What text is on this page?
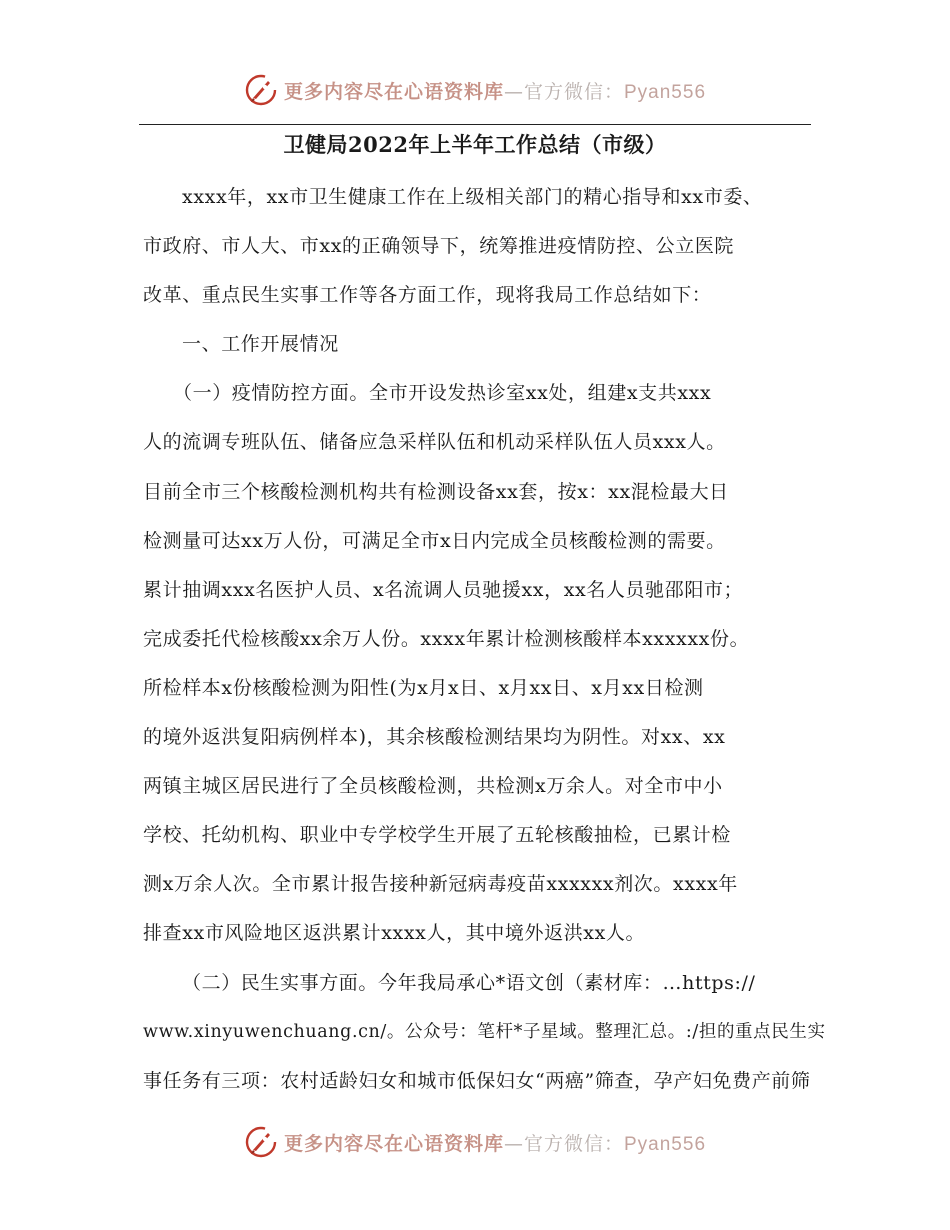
更多内容尽在心语资料库—官方微信：Pyan556
卫健局2022年上半年工作总结（市级）
xxxx年，xx市卫生健康工作在上级相关部门的精心指导和xx市委、
市政府、市人大、市xx的正确领导下，统筹推进疫情防控、公立医院
改革、重点民生实事工作等各方面工作，现将我局工作总结如下：
一、工作开展情况
（一）疫情防控方面。全市开设发热诊室xx处，组建x支共xxx
人的流调专班队伍、储备应急采样队伍和机动采样队伍人员xxx人。
目前全市三个核酸检测机构共有检测设备xx套，按x：xx混检最大日
检测量可达xx万人份，可满足全市x日内完成全员核酸检测的需要。
累计抽调xxx名医护人员、x名流调人员驰援xx，xx名人员驰邵阳市；
完成委托代检核酸xx余万人份。xxxx年累计检测核酸样本xxxxxx份。
所检样本x份核酸检测为阳性(为x月x日、x月xx日、x月xx日检测
的境外返洪复阳病例样本)，其余核酸检测结果均为阴性。对xx、xx
两镇主城区居民进行了全员核酸检测，共检测x万余人。对全市中小
学校、托幼机构、职业中专学校学生开展了五轮核酸抽检，已累计检
测x万余人次。全市累计报告接种新冠病毒疫苗xxxxxx剂次。xxxx年
排查xx市风险地区返洪累计xxxx人，其中境外返洪xx人。
（二）民生实事方面。今年我局承心*语文创（素材库：…https://
www.xinyuwenchuang.cn/。公众号：笔杆*子星域。整理汇总。:/担的重点民生实
事任务有三项：农村适龄妇女和城市低保妇女“两癌”筛查，孕产妇免费产前筛
更多内容尽在心语资料库—官方微信：Pyan556
